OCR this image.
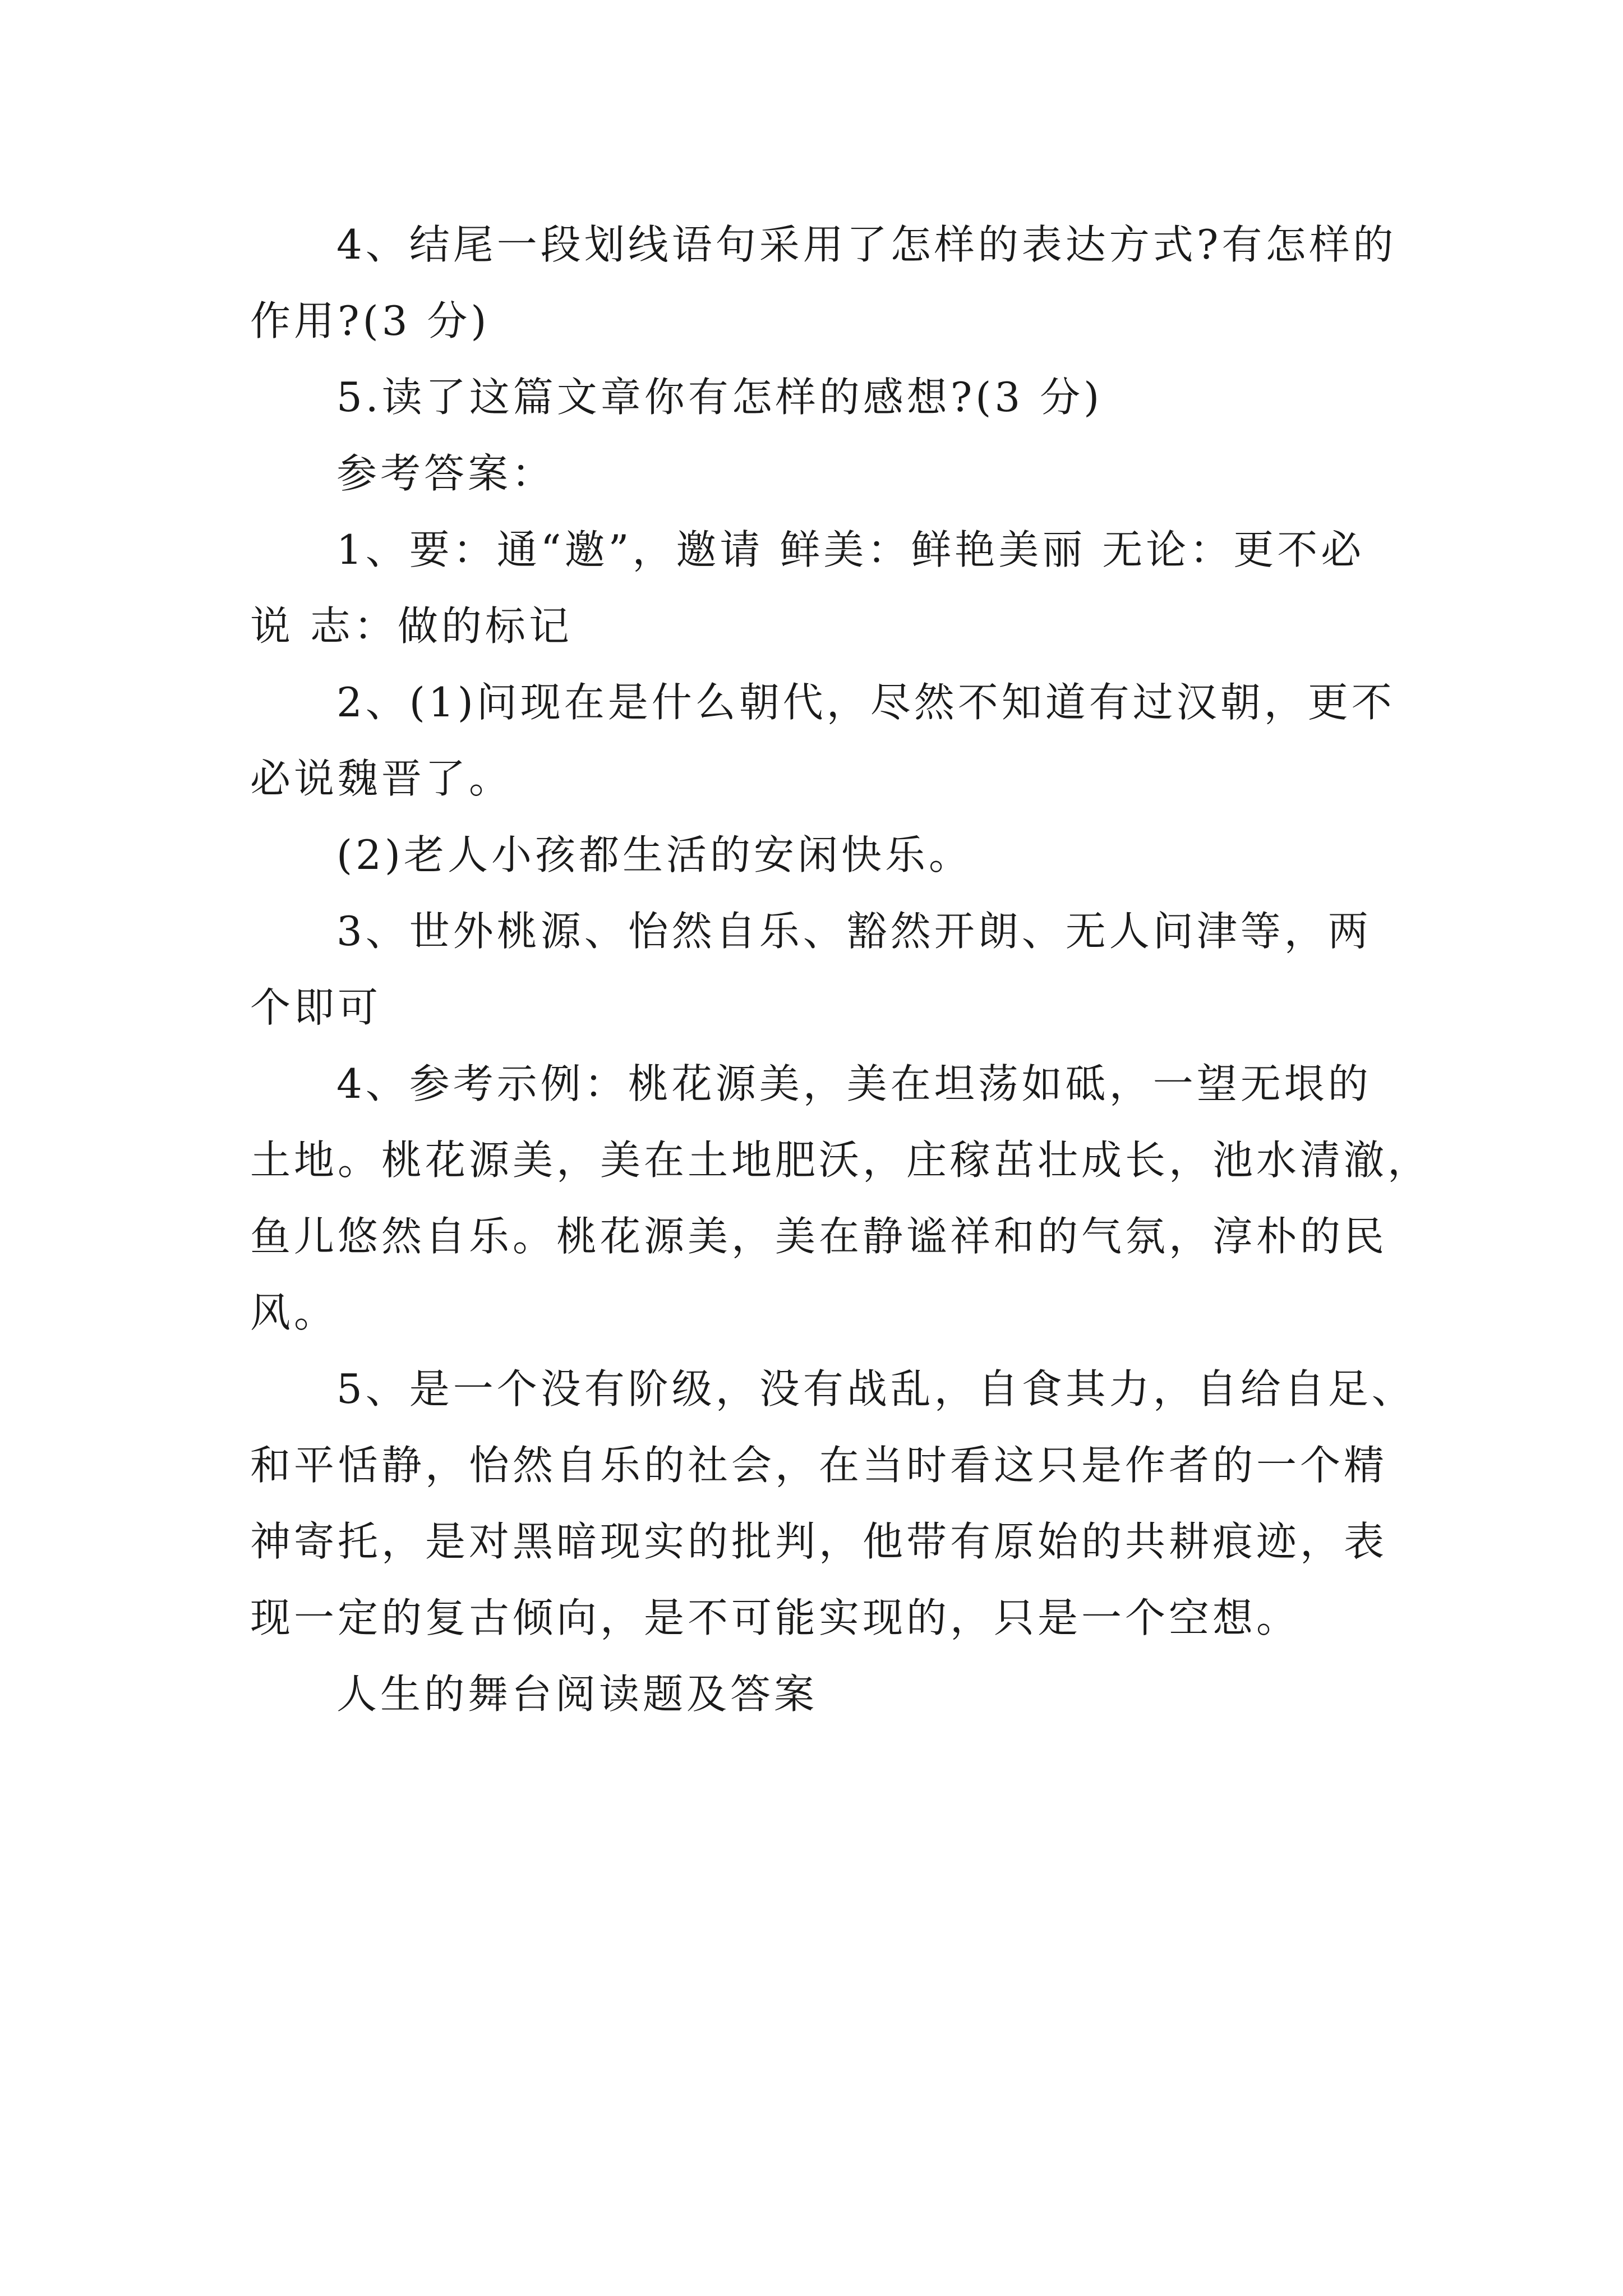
4、结尾一段划线语句采用了怎样的表达方式?有怎样的
作用?(3 分)
5.读了这篇文章你有怎样的感想?(3 分)
参考答案：
1、要：通“邀”，邀请 鲜美：鲜艳美丽 无论：更不必
说 志：做的标记
2、(1)问现在是什么朝代，尽然不知道有过汉朝，更不
必说魏晋了。
(2)老人小孩都生活的安闲快乐。
3、世外桃源、怡然自乐、豁然开朗、无人问津等，两
个即可
4、参考示例：桃花源美，美在坦荡如砥，一望无垠的
土地。桃花源美，美在土地肥沃，庄稼茁壮成长，池水清澈，
鱼儿悠然自乐。桃花源美，美在静谧祥和的气氛，淳朴的民
风。
5、是一个没有阶级，没有战乱，自食其力，自给自足、
和平恬静，怡然自乐的社会，在当时看这只是作者的一个精
神寄托，是对黑暗现实的批判，他带有原始的共耕痕迹，表
现一定的复古倾向，是不可能实现的，只是一个空想。
人生的舞台阅读题及答案
